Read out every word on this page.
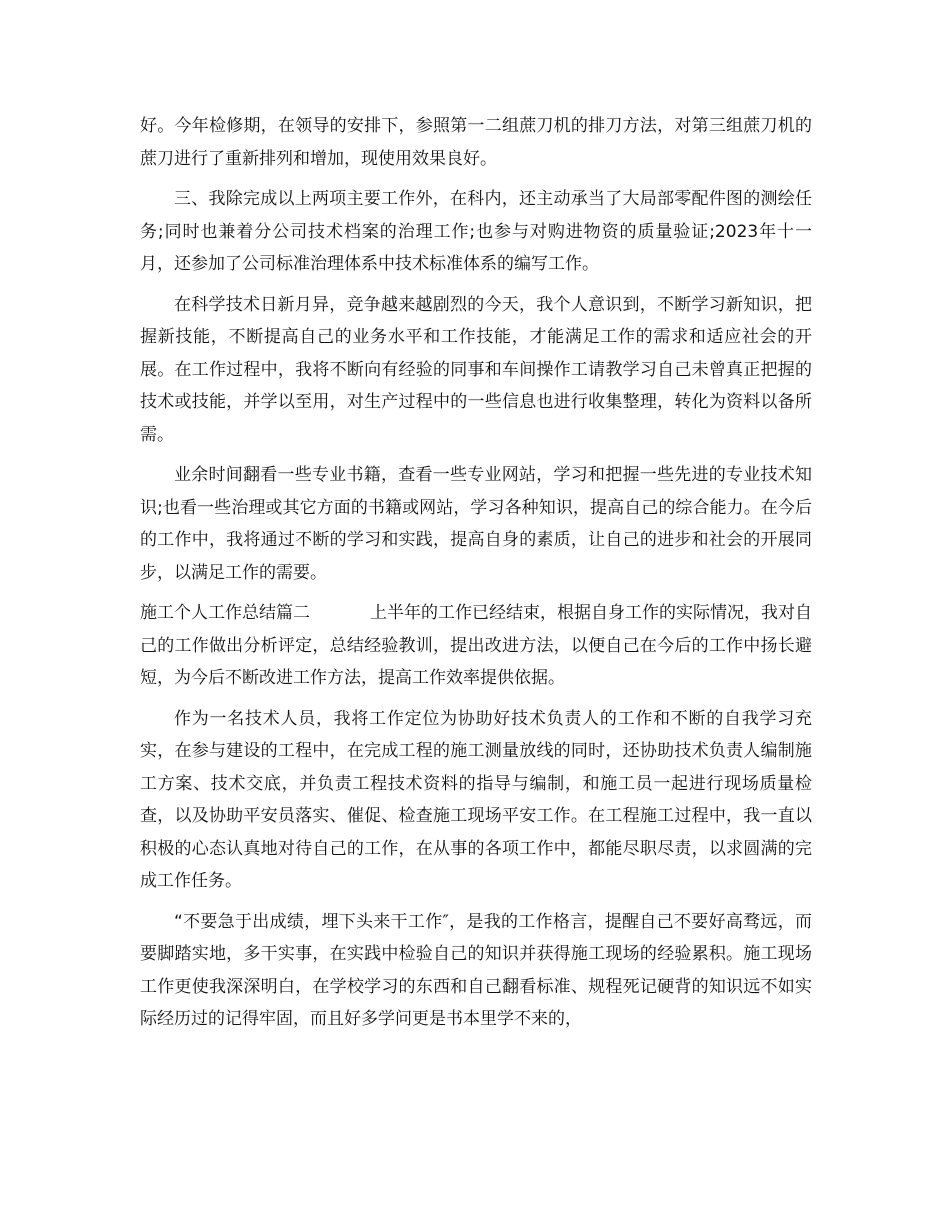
好。今年检修期，在领导的安排下，参照第一二组蔗刀机的排刀方法，对第三组蔗刀机的蔗刀进行了重新排列和增加，现使用效果良好。

三、我除完成以上两项主要工作外，在科内，还主动承当了大局部零配件图的测绘任务;同时也兼着分公司技术档案的治理工作;也参与对购进物资的质量验证;2023年十一月，还参加了公司标准治理体系中技术标准体系的编写工作。

在科学技术日新月异，竞争越来越剧烈的今天，我个人意识到，不断学习新知识，把握新技能，不断提高自己的业务水平和工作技能，才能满足工作的需求和适应社会的开展。在工作过程中，我将不断向有经验的同事和车间操作工请教学习自己未曾真正把握的技术或技能，并学以至用，对生产过程中的一些信息也进行收集整理，转化为资料以备所需。

业余时间翻看一些专业书籍，查看一些专业网站，学习和把握一些先进的专业技术知识;也看一些治理或其它方面的书籍或网站，学习各种知识，提高自己的综合能力。在今后的工作中，我将通过不断的学习和实践，提高自身的素质，让自己的进步和社会的开展同步，以满足工作的需要。

施工个人工作总结篇二	上半年的工作已经结束，根据自身工作的实际情况，我对自己的工作做出分析评定，总结经验教训，提出改进方法，以便自己在今后的工作中扬长避短，为今后不断改进工作方法，提高工作效率提供依据。

作为一名技术人员，我将工作定位为协助好技术负责人的工作和不断的自我学习充实，在参与建设的工程中，在完成工程的施工测量放线的同时，还协助技术负责人编制施工方案、技术交底，并负责工程技术资料的指导与编制，和施工员一起进行现场质量检查，以及协助平安员落实、催促、检查施工现场平安工作。在工程施工过程中，我一直以积极的心态认真地对待自己的工作，在从事的各项工作中，都能尽职尽责，以求圆满的完成工作任务。

“不要急于出成绩，埋下头来干工作″，是我的工作格言，提醒自己不要好高骛远，而要脚踏实地，多干实事，在实践中检验自己的知识并获得施工现场的经验累积。施工现场工作更使我深深明白，在学校学习的东西和自己翻看标准、规程死记硬背的知识远不如实际经历过的记得牢固，而且好多学问更是书本里学不来的，
